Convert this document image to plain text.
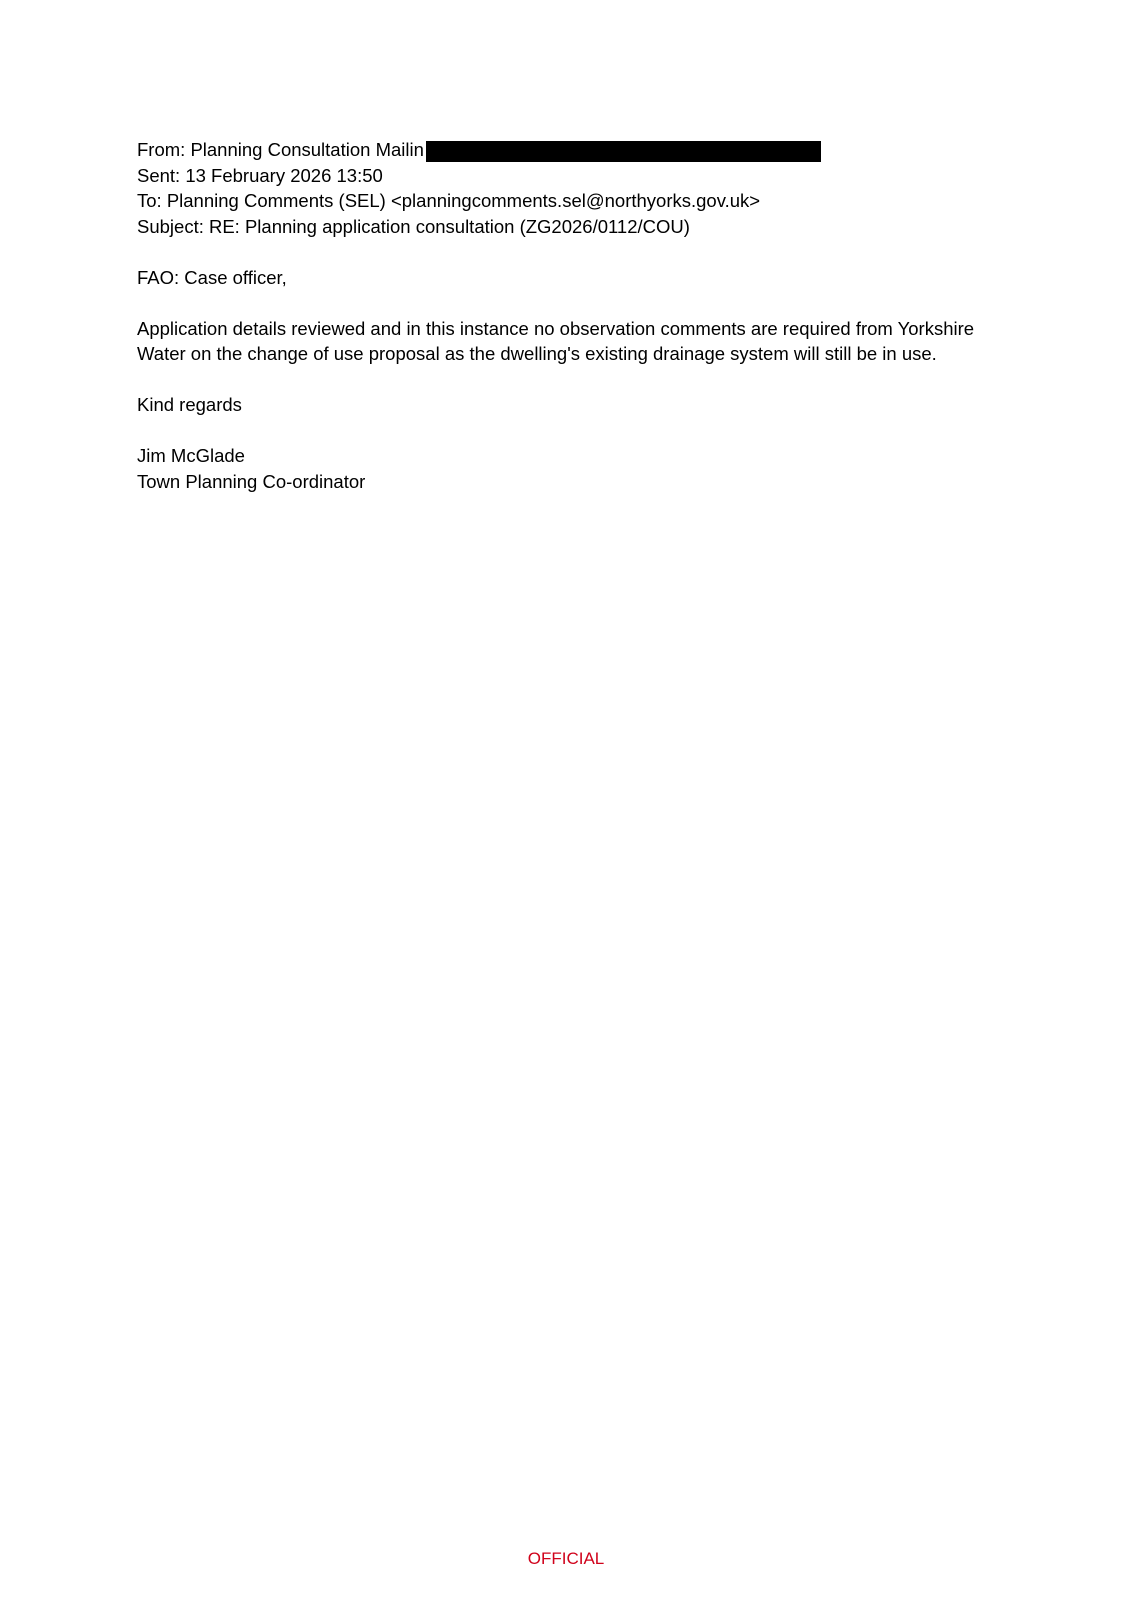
From: Planning Consultation Mailin
Sent: 13 February 2026 13:50
To: Planning Comments (SEL) <planningcomments.sel@northyorks.gov.uk>
Subject: RE: Planning application consultation (ZG2026/0112/COU)
FAO: Case officer,
Application details reviewed and in this instance no observation comments are required from Yorkshire Water on the change of use proposal as the dwelling's existing drainage system will still be in use.
Kind regards
Jim McGlade
Town Planning Co-ordinator
OFFICIAL
